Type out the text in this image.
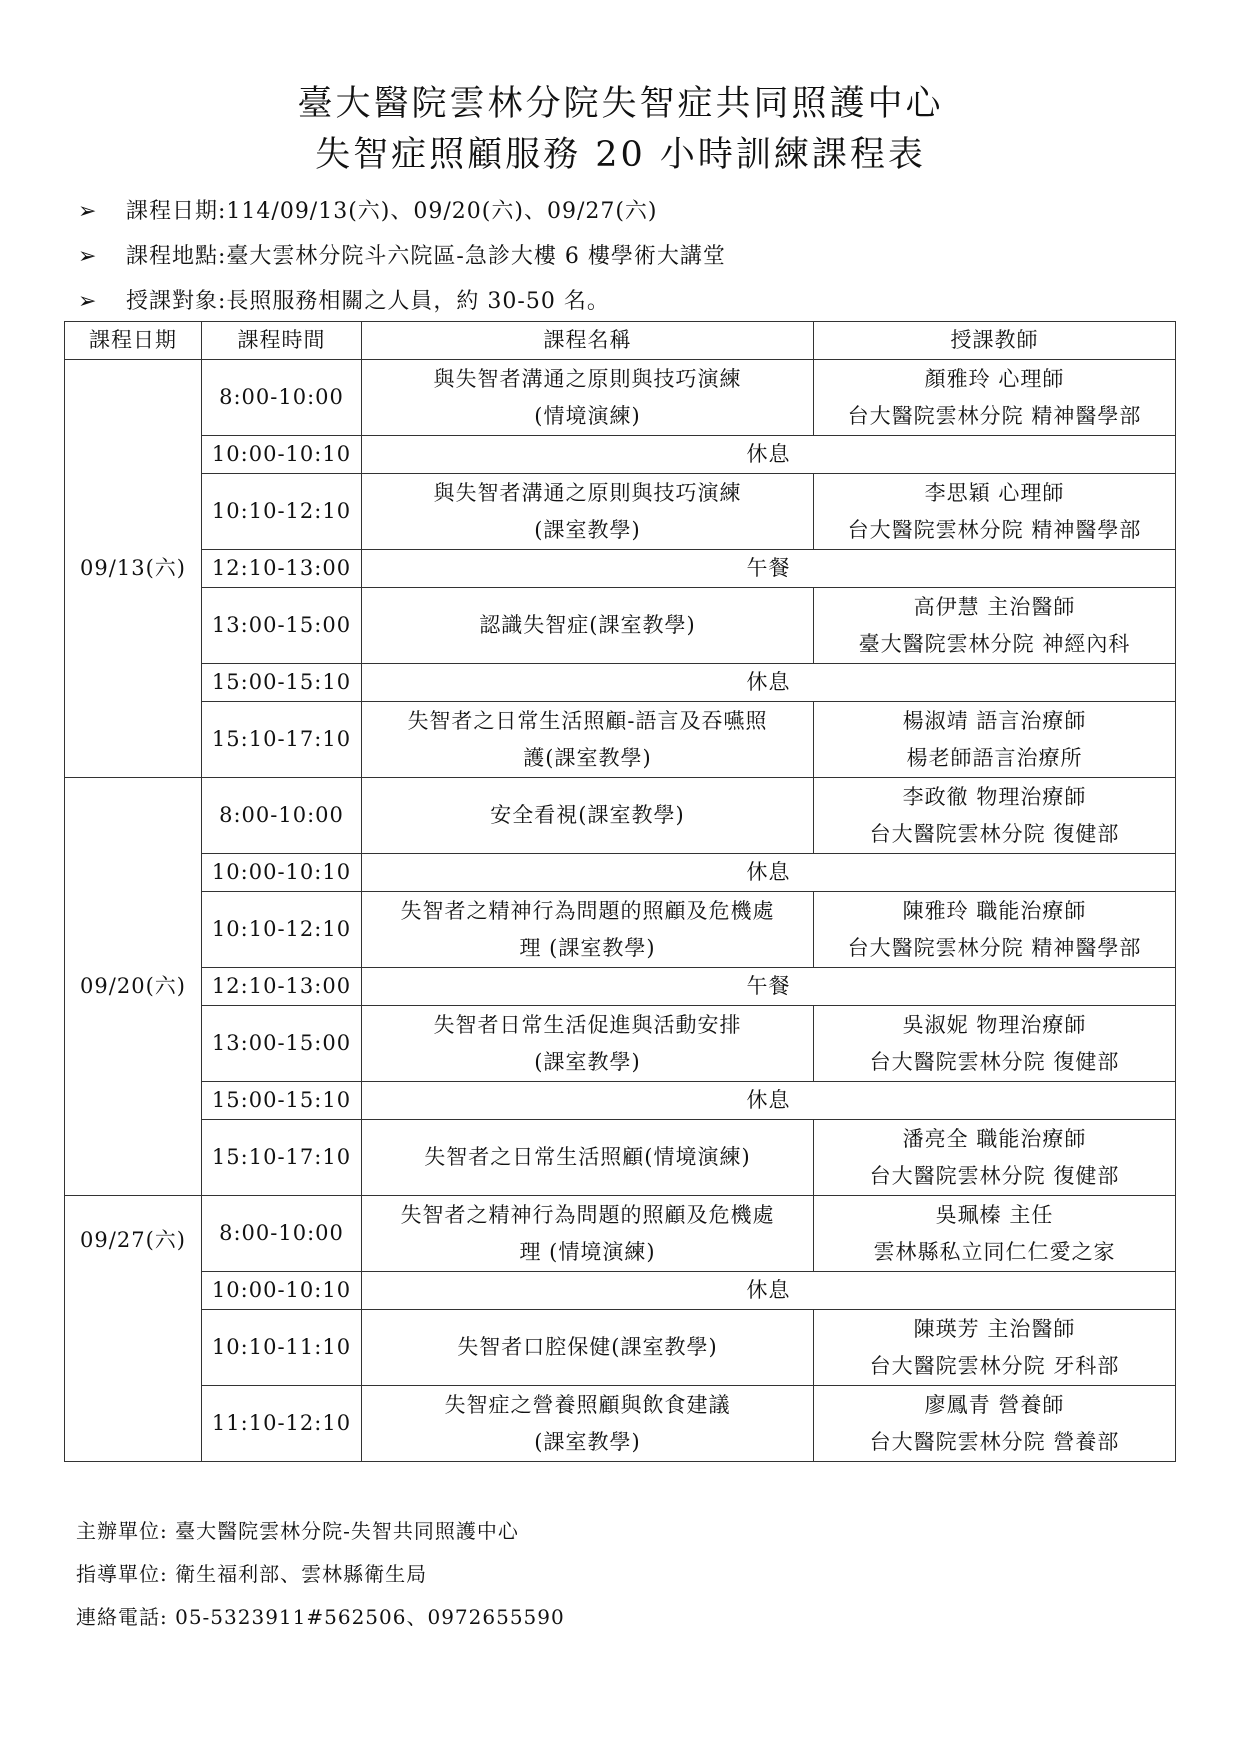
臺大醫院雲林分院失智症共同照護中心
失智症照顧服務 20 小時訓練課程表
➢ 課程日期:114/09/13(六)、09/20(六)、09/27(六)
➢ 課程地點:臺大雲林分院斗六院區-急診大樓 6 樓學術大講堂
➢ 授課對象:長照服務相關之人員，約 30-50 名。
課程日期	課程時間	課程名稱	授課教師
09/13(六)	8:00-10:00	與失智者溝通之原則與技巧演練
(情境演練)	顏雅玲 心理師
台大醫院雲林分院 精神醫學部

	10:00-10:10	休息	
	10:10-12:10	與失智者溝通之原則與技巧演練
(課室教學)	李思穎 心理師
台大醫院雲林分院 精神醫學部

	12:10-13:00	午餐	
	13:00-15:00	認識失智症(課室教學)	高伊慧 主治醫師
臺大醫院雲林分院 神經內科

	15:00-15:10	休息	
	15:10-17:10	失智者之日常生活照顧-語言及吞嚥照
護(課室教學)	楊淑靖 語言治療師
楊老師語言治療所

09/20(六)	8:00-10:00	安全看視(課室教學)	李政徹 物理治療師
台大醫院雲林分院 復健部

	10:00-10:10	休息	
	10:10-12:10	失智者之精神行為問題的照顧及危機處
理 (課室教學)	陳雅玲 職能治療師
台大醫院雲林分院 精神醫學部

	12:10-13:00	午餐	
	13:00-15:00	失智者日常生活促進與活動安排
(課室教學)	吳淑妮 物理治療師
台大醫院雲林分院 復健部

	15:00-15:10	休息	
	15:10-17:10	失智者之日常生活照顧(情境演練)	潘亮全 職能治療師
台大醫院雲林分院 復健部

09/27(六)	8:00-10:00	失智者之精神行為問題的照顧及危機處
理 (情境演練)	吳珮榛 主任
雲林縣私立同仁仁愛之家

	10:00-10:10	休息	
	10:10-11:10	失智者口腔保健(課室教學)	陳瑛芳 主治醫師
台大醫院雲林分院 牙科部

	11:10-12:10	失智症之營養照顧與飲食建議
(課室教學)	廖鳳青 營養師
台大醫院雲林分院 營養部
主辦單位: 臺大醫院雲林分院-失智共同照護中心
指導單位: 衛生福利部、雲林縣衛生局
連絡電話: 05-5323911#562506、0972655590
